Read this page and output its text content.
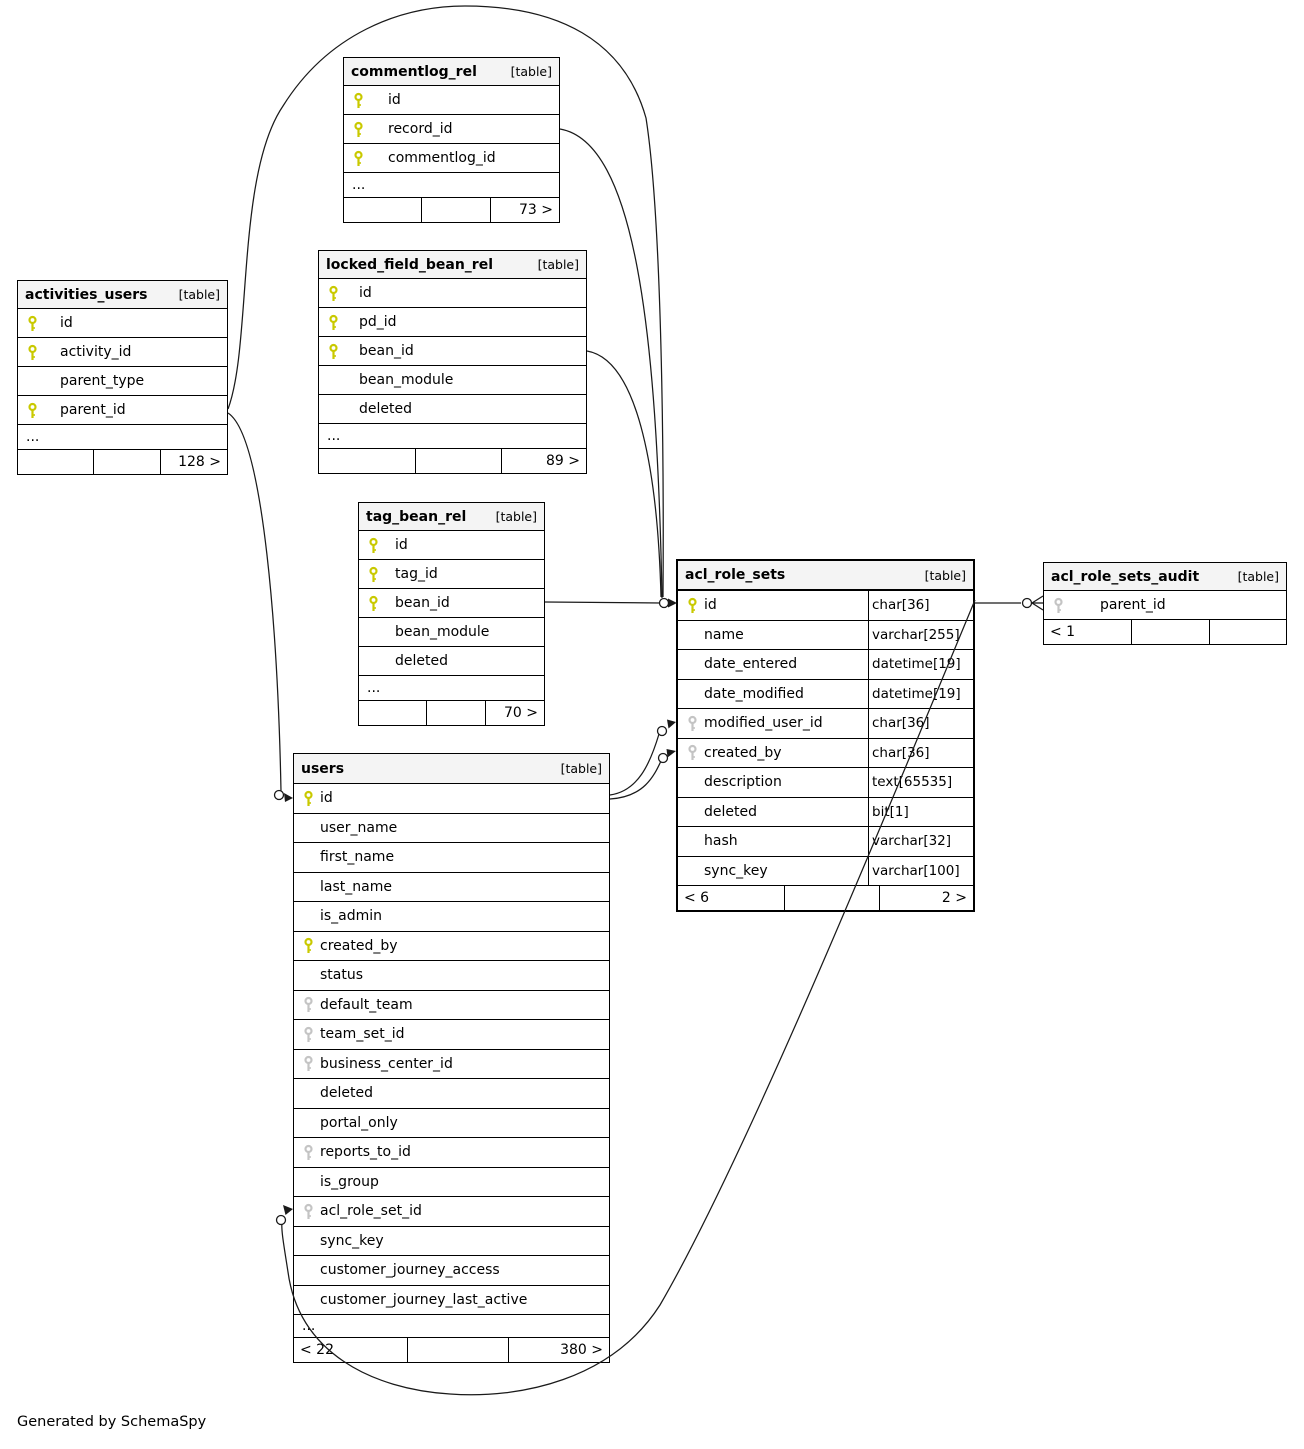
commentlog_rel	[table]
id
record_id
commentlog_id
...
73 >
activities_users [table]
id
activity_id
parent_type
parent_id
...
128 >
locked_field_bean_rel	[table]
id
pd_id
bean_id
bean_module
deleted
...
89 >
tag_bean_rel [table]
id
tag_id
bean_id
bean_module
deleted
...
70 >
acl_role_sets	[table]
id	char[36]
name	varchar[255]
date_entered	datetime[19]
date_modified	datetime[19]
modified_user_id	char[36]
created_by	char[36]
description	text[65535]
deleted	bit[1]
hash	varchar[32]
sync_key	varchar[100]
< 6	2 >
acl_role_sets_audit	[table]
parent_id
< 1
users	[table]
id
user_name
first_name
last_name
is_admin
created_by
status
default_team
team_set_id
business_center_id
deleted
portal_only
reports_to_id
is_group
acl_role_set_id
sync_key
customer_journey_access
customer_journey_last_active
...
< 22	380 >
Generated by SchemaSpy
